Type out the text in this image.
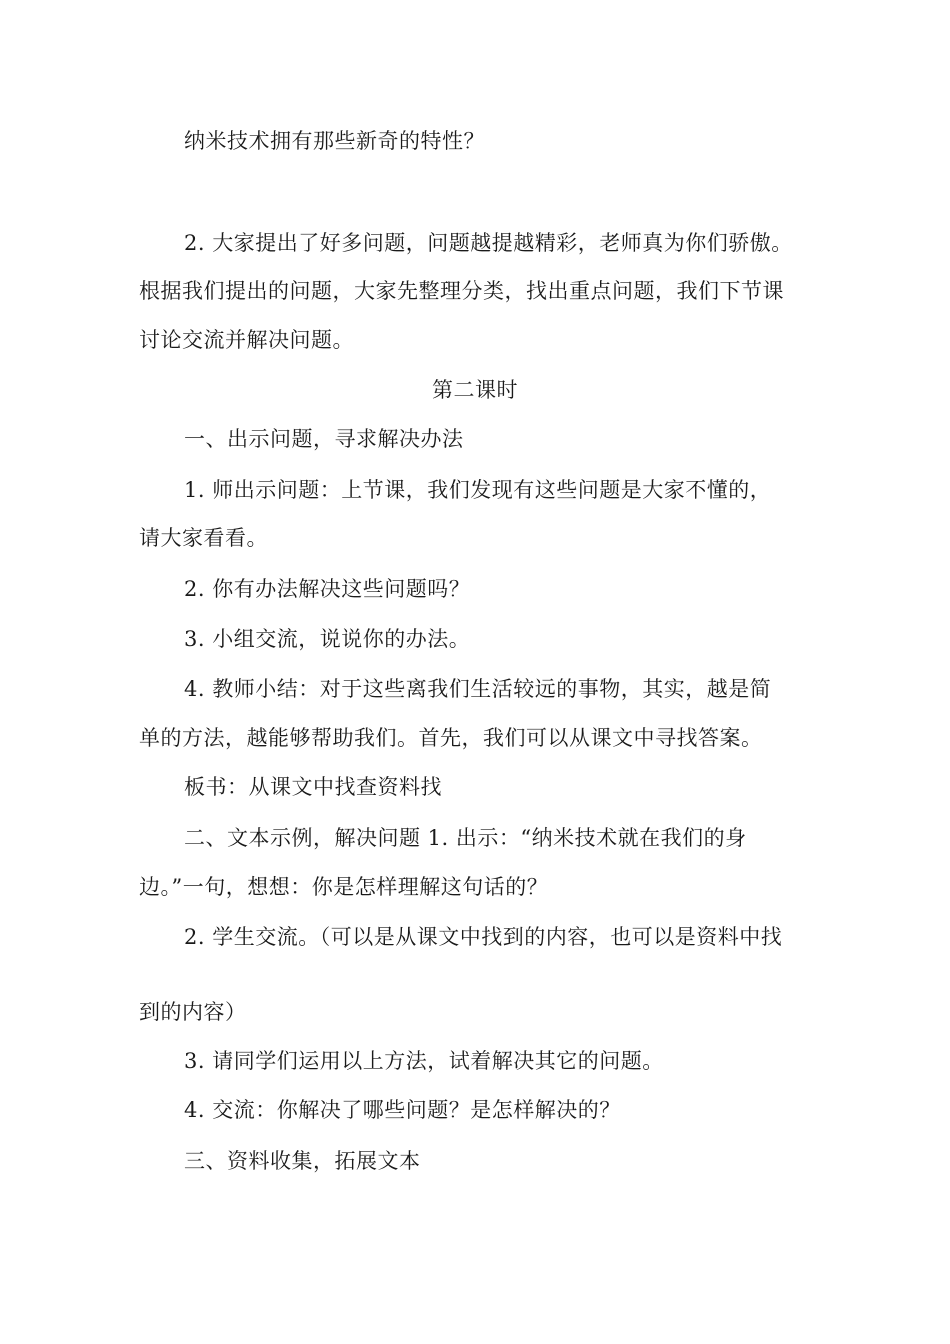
纳米技术拥有那些新奇的特性？
2. 大家提出了好多问题，问题越提越精彩，老师真为你们骄傲。
根据我们提出的问题，大家先整理分类，找出重点问题，我们下节课
讨论交流并解决问题。
第二课时
一、出示问题，寻求解决办法
1. 师出示问题：上节课，我们发现有这些问题是大家不懂的，
请大家看看。
2. 你有办法解决这些问题吗？
3. 小组交流，说说你的办法。
4. 教师小结：对于这些离我们生活较远的事物，其实，越是简
单的方法，越能够帮助我们。首先，我们可以从课文中寻找答案。
板书：从课文中找查资料找
二、文本示例，解决问题 1. 出示：“纳米技术就在我们的身
边。”一句，想想：你是怎样理解这句话的？
2. 学生交流。（可以是从课文中找到的内容，也可以是资料中找
到的内容）
3. 请同学们运用以上方法，试着解决其它的问题。
4. 交流：你解决了哪些问题？是怎样解决的？
三、资料收集，拓展文本
